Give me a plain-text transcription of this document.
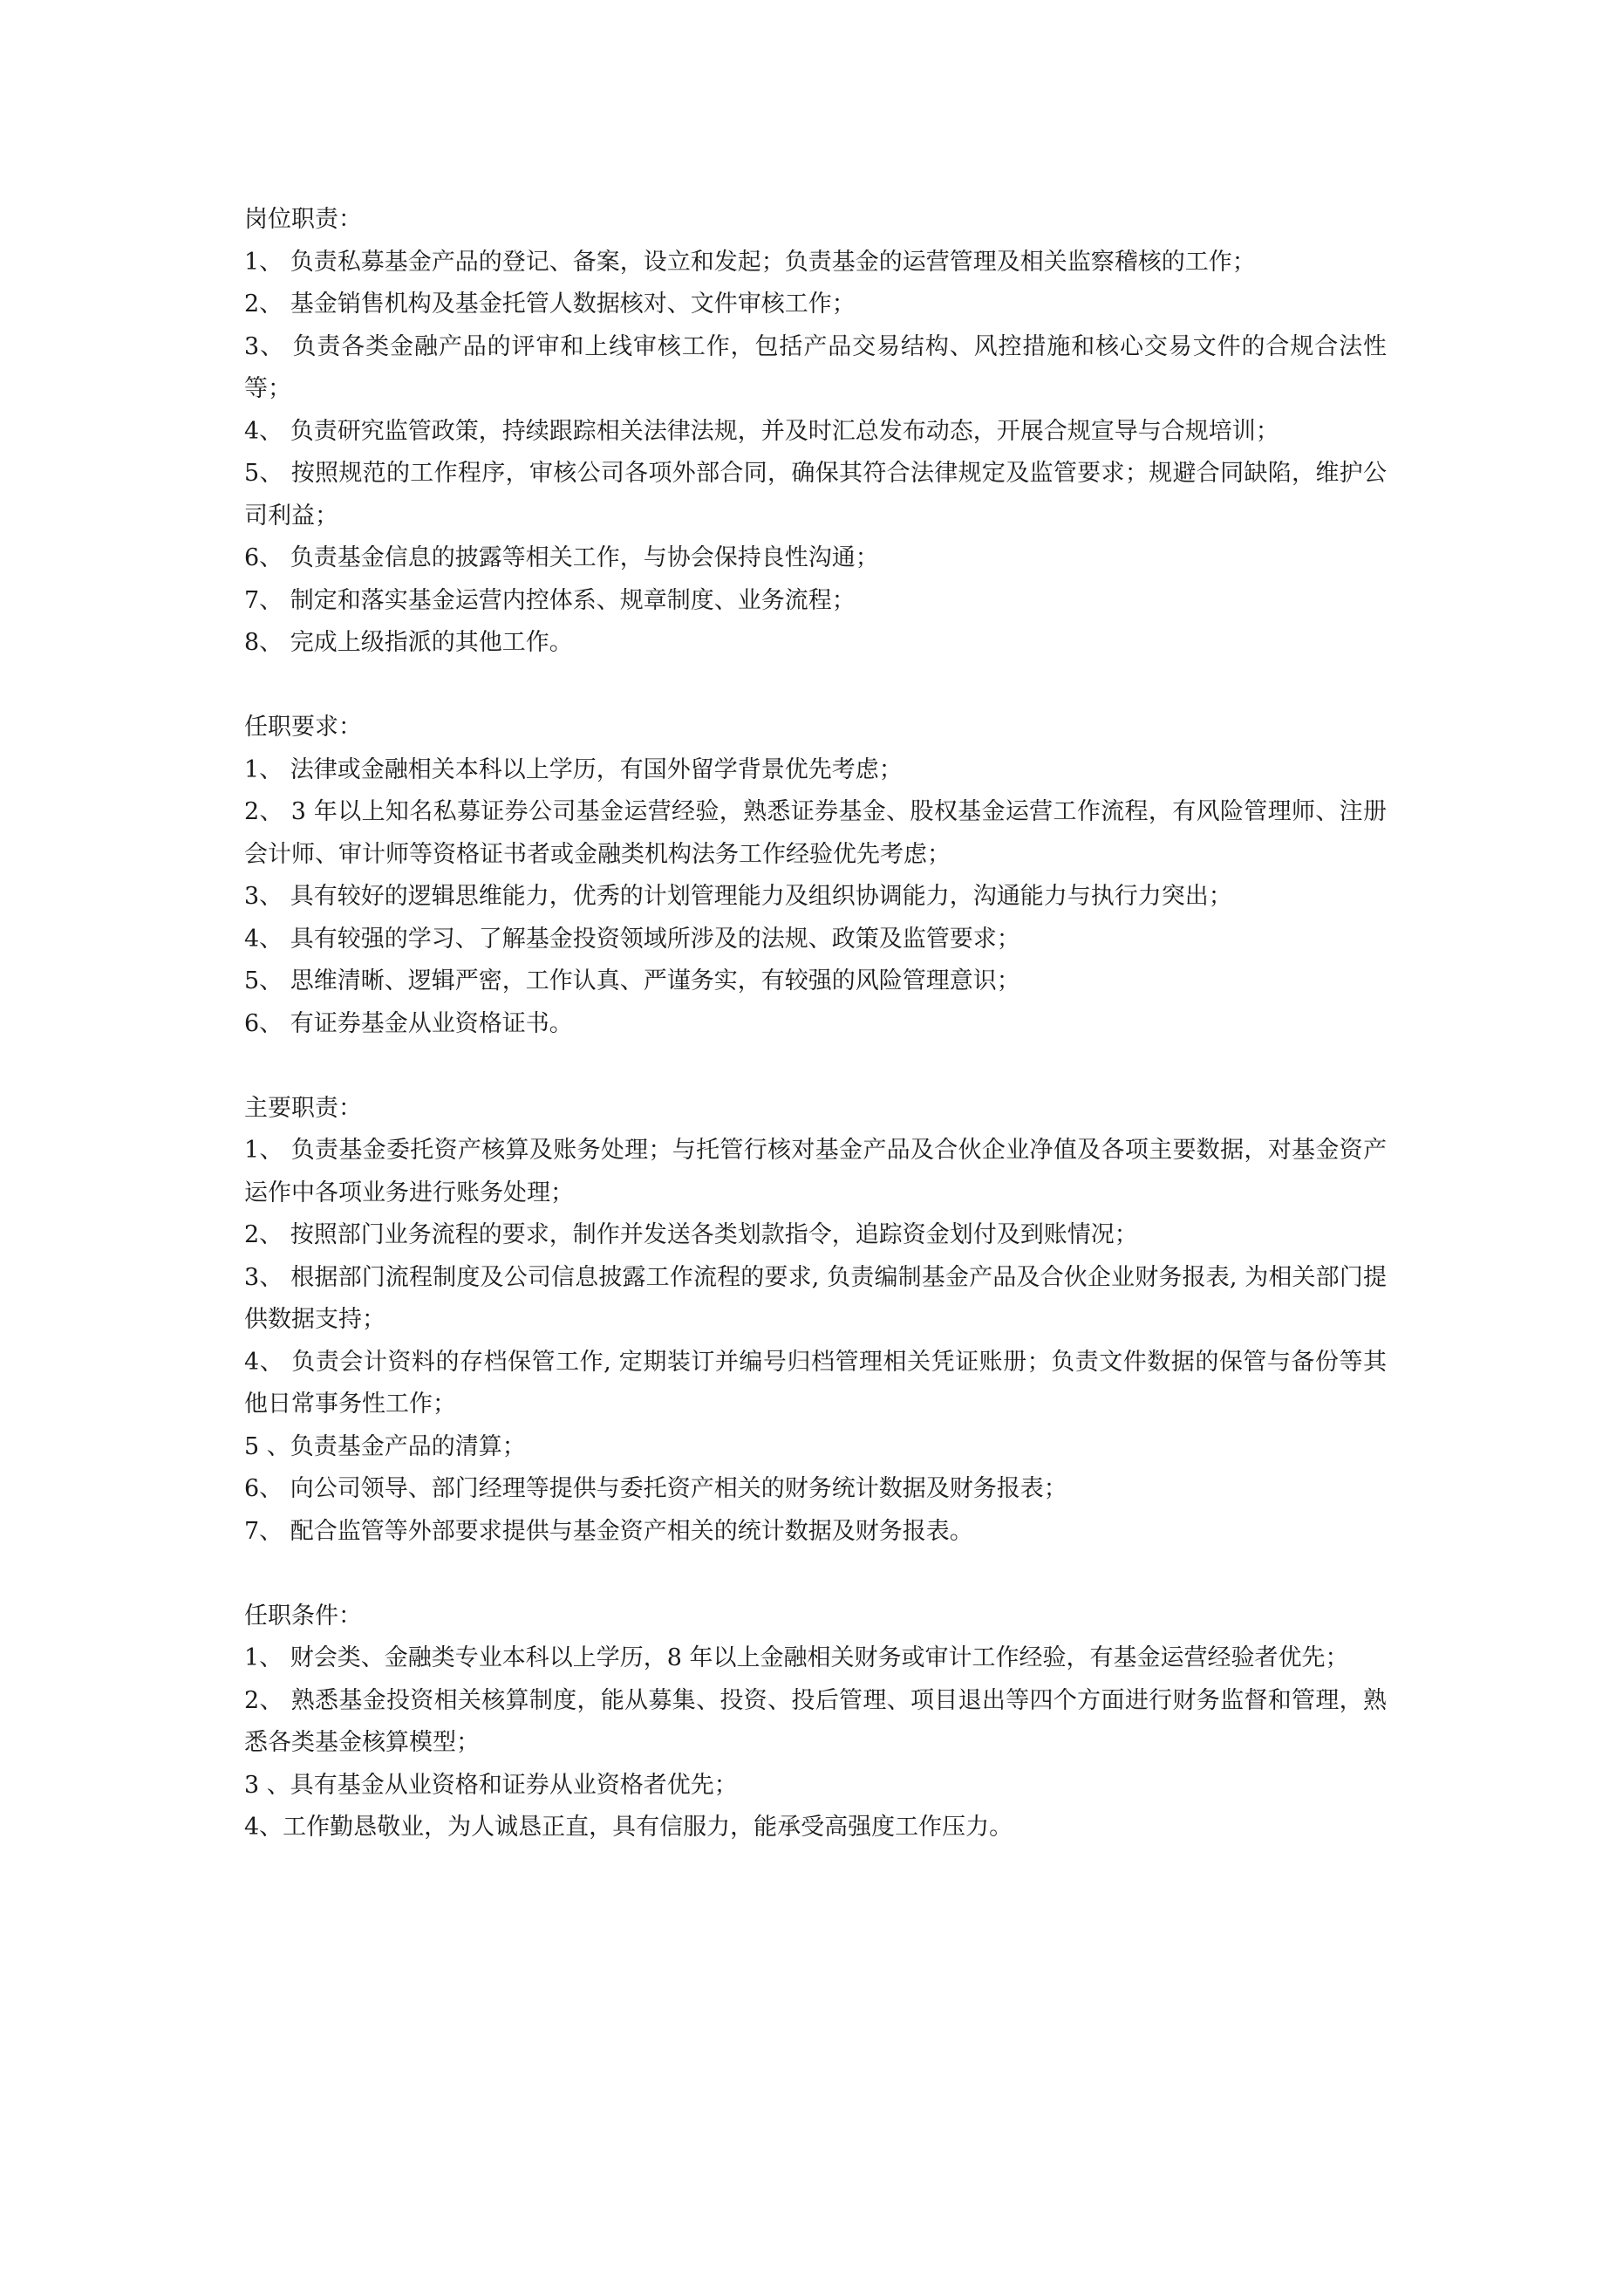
岗位职责：

1、 负责私募基金产品的登记、备案，设立和发起；负责基金的运营管理及相关监察稽核的工作；

2、 基金销售机构及基金托管人数据核对、文件审核工作；

3、 负责各类金融产品的评审和上线审核工作，包括产品交易结构、风控措施和核心交易文件的合规合法性等；

4、 负责研究监管政策，持续跟踪相关法律法规，并及时汇总发布动态，开展合规宣导与合规培训；

5、 按照规范的工作程序，审核公司各项外部合同，确保其符合法律规定及监管要求；规避合同缺陷，维护公司利益；

6、 负责基金信息的披露等相关工作，与协会保持良性沟通；

7、 制定和落实基金运营内控体系、规章制度、业务流程；

8、 完成上级指派的其他工作。

任职要求：

1、 法律或金融相关本科以上学历，有国外留学背景优先考虑；

2、 3 年以上知名私募证券公司基金运营经验，熟悉证券基金、股权基金运营工作流程，有风险管理师、注册会计师、审计师等资格证书者或金融类机构法务工作经验优先考虑；

3、 具有较好的逻辑思维能力，优秀的计划管理能力及组织协调能力，沟通能力与执行力突出；

4、 具有较强的学习、了解基金投资领域所涉及的法规、政策及监管要求；

5、 思维清晰、逻辑严密，工作认真、严谨务实，有较强的风险管理意识；

6、 有证券基金从业资格证书。

主要职责：

1、 负责基金委托资产核算及账务处理；与托管行核对基金产品及合伙企业净值及各项主要数据，对基金资产运作中各项业务进行账务处理；

2、 按照部门业务流程的要求，制作并发送各类划款指令，追踪资金划付及到账情况；

3、 根据部门流程制度及公司信息披露工作流程的要求, 负责编制基金产品及合伙企业财务报表, 为相关部门提供数据支持；

4、 负责会计资料的存档保管工作, 定期装订并编号归档管理相关凭证账册；负责文件数据的保管与备份等其他日常事务性工作；

5 、负责基金产品的清算；

6、 向公司领导、部门经理等提供与委托资产相关的财务统计数据及财务报表；

7、 配合监管等外部要求提供与基金资产相关的统计数据及财务报表。

任职条件：

1、 财会类、金融类专业本科以上学历，8 年以上金融相关财务或审计工作经验，有基金运营经验者优先；

2、 熟悉基金投资相关核算制度，能从募集、投资、投后管理、项目退出等四个方面进行财务监督和管理，熟悉各类基金核算模型；

3 、具有基金从业资格和证券从业资格者优先；

4、工作勤恳敬业，为人诚恳正直，具有信服力，能承受高强度工作压力。
